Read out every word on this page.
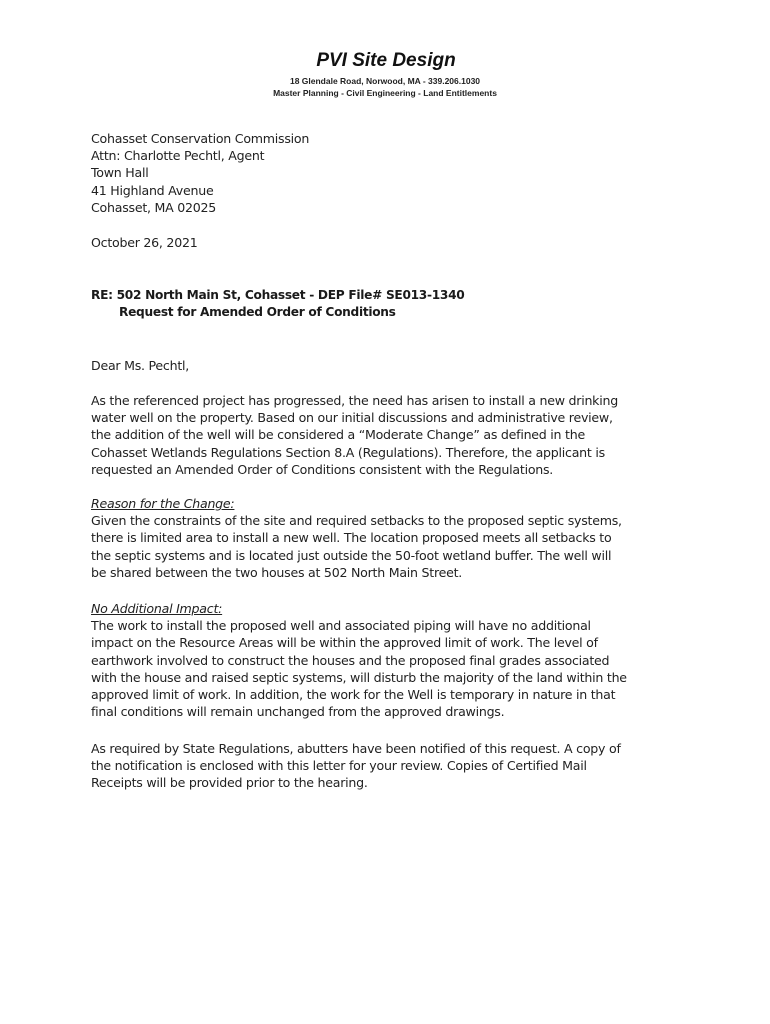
PVI Site Design
18 Glendale Road, Norwood, MA - 339.206.1030
Master Planning - Civil Engineering - Land Entitlements
Cohasset Conservation Commission
Attn: Charlotte Pechtl, Agent
Town Hall
41 Highland Avenue
Cohasset, MA 02025
October 26, 2021
RE: 502 North Main St, Cohasset - DEP File# SE013-1340
Request for Amended Order of Conditions
Dear Ms. Pechtl,
As the referenced project has progressed, the need has arisen to install a new drinking
water well on the property. Based on our initial discussions and administrative review,
the addition of the well will be considered a “Moderate Change” as defined in the
Cohasset Wetlands Regulations Section 8.A (Regulations). Therefore, the applicant is
requested an Amended Order of Conditions consistent with the Regulations.
Reason for the Change:
Given the constraints of the site and required setbacks to the proposed septic systems,
there is limited area to install a new well. The location proposed meets all setbacks to
the septic systems and is located just outside the 50-foot wetland buffer. The well will
be shared between the two houses at 502 North Main Street.
No Additional Impact:
The work to install the proposed well and associated piping will have no additional
impact on the Resource Areas will be within the approved limit of work. The level of
earthwork involved to construct the houses and the proposed final grades associated
with the house and raised septic systems, will disturb the majority of the land within the
approved limit of work. In addition, the work for the Well is temporary in nature in that
final conditions will remain unchanged from the approved drawings.
As required by State Regulations, abutters have been notified of this request. A copy of
the notification is enclosed with this letter for your review. Copies of Certified Mail
Receipts will be provided prior to the hearing.
